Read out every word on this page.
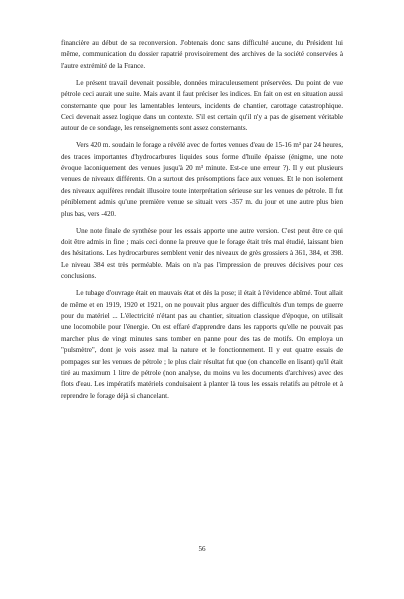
financière au début de sa reconversion. J'obtenais donc sans difficulté aucune, du Président lui même, communication du dossier rapatrié provisoirement des archives de la société conservées à l'autre extrémité de la France.

Le présent travail devenait possible, données miraculeusement préservées. Du point de vue pétrole ceci aurait une suite. Mais avant il faut préciser les indices. En fait on est en situation aussi consternante que pour les lamentables lenteurs, incidents de chantier, carottage catastrophique. Ceci devenait assez logique dans un contexte. S'il est certain qu'il n'y a pas de gisement véritable autour de ce sondage, les renseignements sont assez consternants.

Vers 420 m. soudain le forage a révélé avec de fortes venues d'eau de 15-16 m³ par 24 heures, des traces importantes d'hydrocarbures liquides sous forme d'huile épaisse (énigme, une note évoque laconiquement des venues jusqu'à 20 m³ minute. Est-ce une erreur ?). Il y eut plusieurs venues de niveaux différents. On a surtout des présomptions face aux venues. Et le non isolement des niveaux aquifères rendait illusoire toute interprétation sérieuse sur les venues de pétrole. Il fut péniblement admis qu'une première venue se situait vers -357 m. du jour et une autre plus bien plus bas, vers -420.

Une note finale de synthèse pour les essais apporte une autre version. C'est peut être ce qui doit être admis in fine ; mais ceci donne la preuve que le forage était très mal étudié, laissant bien des hésitations. Les hydrocarbures semblent venir des niveaux de grès grossiers à 361, 384, et 398. Le niveau 384 est très perméable. Mais on n'a pas l'impression de preuves décisives pour ces conclusions.

Le tubage d'ouvrage était en mauvais état et dès la pose; il était à l'évidence abîmé. Tout allait de même et en 1919, 1920 et 1921, on ne pouvait plus arguer des difficultés d'un temps de guerre pour du matériel ... L'électricité n'étant pas au chantier, situation classique d'époque, on utilisait une locomobile pour l'énergie. On est effaré d'apprendre dans les rapports qu'elle ne pouvait pas marcher plus de vingt minutes sans tomber en panne pour des tas de motifs. On employa un "pulsmètre", dont je vois assez mal la nature et le fonctionnement. Il y eut quatre essais de pompages sur les venues de pétrole ; le plus clair résultat fut que (on chancelle en lisant) qu'il était tiré au maximum 1 litre de pétrole (non analyse, du moins vu les documents d'archives) avec des flots d'eau. Les impératifs matériels conduisaient à planter là tous les essais relatifs au pétrole et à reprendre le forage déjà si chancelant.

56
